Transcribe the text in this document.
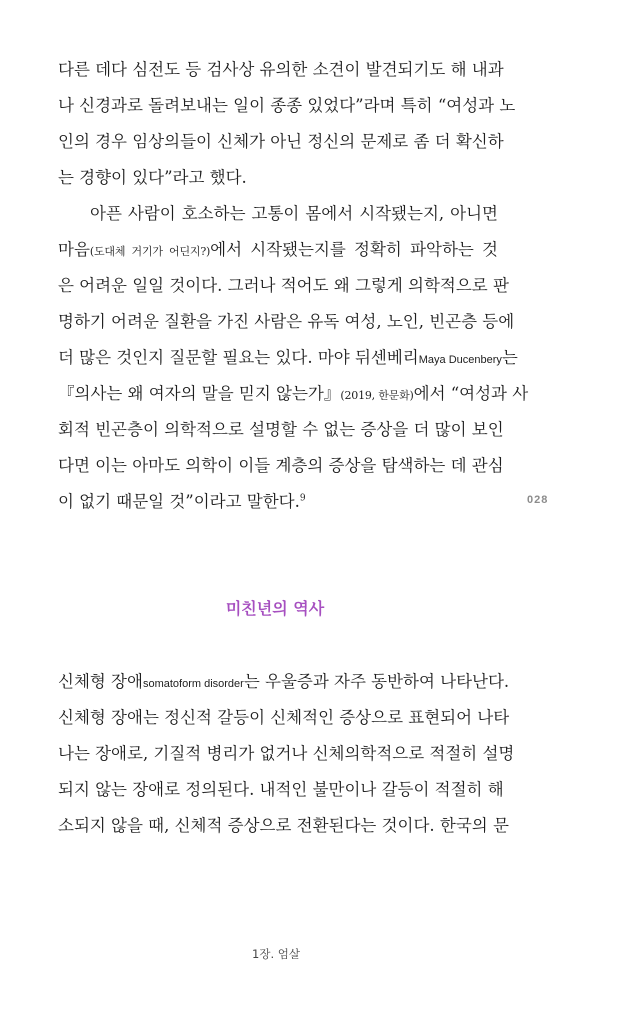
다른 데다 심전도 등 검사상 유의한 소견이 발견되기도 해 내과
나 신경과로 돌려보내는 일이 종종 있었다”라며 특히 “여성과 노
인의 경우 임상의들이 신체가 아닌 정신의 문제로 좀 더 확신하
는 경향이 있다”라고 했다.
아픈 사람이 호소하는 고통이 몸에서 시작됐는지, 아니면
마음(도대체 거기가 어딘지?)에서 시작됐는지를 정확히 파악하는 것
은 어려운 일일 것이다. 그러나 적어도 왜 그렇게 의학적으로 판
명하기 어려운 질환을 가진 사람은 유독 여성, 노인, 빈곤층 등에
더 많은 것인지 질문할 필요는 있다. 마야 뒤센베리Maya Ducenbery는
『의사는 왜 여자의 말을 믿지 않는가』(2019, 한문화)에서 “여성과 사
회적 빈곤층이 의학적으로 설명할 수 없는 증상을 더 많이 보인
다면 이는 아마도 의학이 이들 계층의 증상을 탐색하는 데 관심
이 없기 때문일 것”이라고 말한다.$^9$	028
미친년의 역사
신체형 장애somatoform disorder는 우울증과 자주 동반하여 나타난다.
신체형 장애는 정신적 갈등이 신체적인 증상으로 표현되어 나타
나는 장애로, 기질적 병리가 없거나 신체의학적으로 적절히 설명
되지 않는 장애로 정의된다. 내적인 불만이나 갈등이 적절히 해
소되지 않을 때, 신체적 증상으로 전환된다는 것이다. 한국의 문
1장. 엄살
